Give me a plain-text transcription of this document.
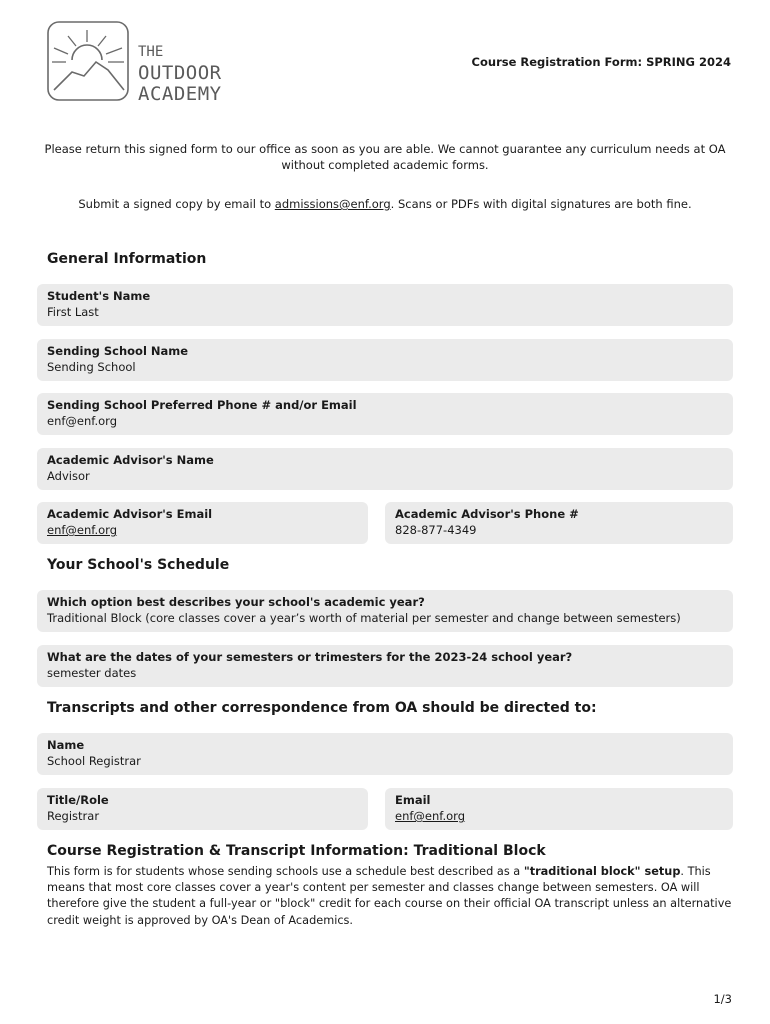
THE
OUTDOOR
ACADEMY
Course Registration Form: SPRING 2024

Please return this signed form to our office as soon as you are able. We cannot guarantee any curriculum needs at OA without completed academic forms.

Submit a signed copy by email to admissions@enf.org. Scans or PDFs with digital signatures are both fine.

General Information
Student's Name
First Last
Sending School Name
Sending School
Sending School Preferred Phone # and/or Email
enf@enf.org
Academic Advisor's Name
Advisor
Academic Advisor's Email
enf@enf.org
Academic Advisor's Phone #
828-877-4349
Your School's Schedule
Which option best describes your school's academic year?
Traditional Block (core classes cover a year’s worth of material per semester and change between semesters)
What are the dates of your semesters or trimesters for the 2023-24 school year?
semester dates
Transcripts and other correspondence from OA should be directed to:
Name
School Registrar
Title/Role
Registrar
Email
enf@enf.org
Course Registration & Transcript Information: Traditional Block

This form is for students whose sending schools use a schedule best described as a "traditional block" setup. This means that most core classes cover a year's content per semester and classes change between semesters. OA will therefore give the student a full-year or "block" credit for each course on their official OA transcript unless an alternative credit weight is approved by OA's Dean of Academics.

1/3
